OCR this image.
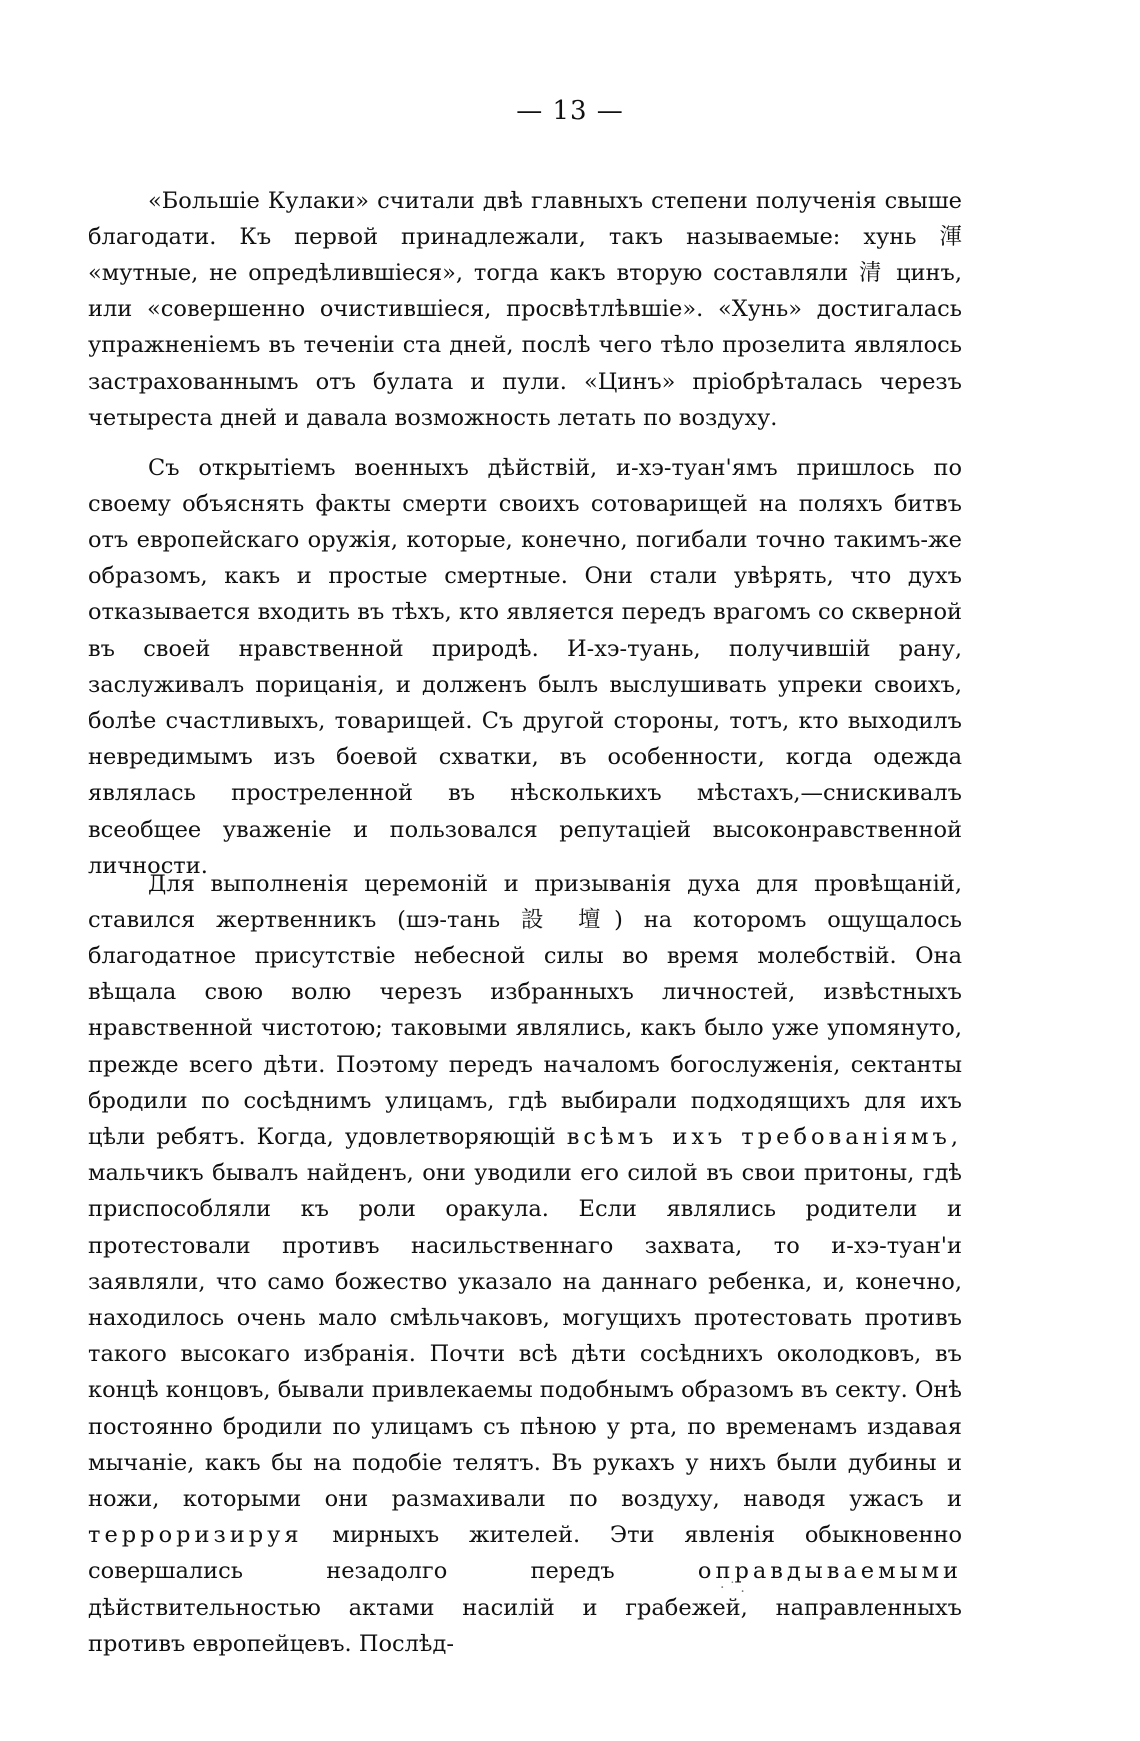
— 13 —

«Большіе Кулаки» считали двѣ главныхъ степени полученія свыше благодати. Къ первой принадлежали, такъ называемые: хунь 渾 «мутные, не опредѣлившіеся», тогда какъ вторую составляли 清 цинъ, или «совершенно очистившіеся, просвѣтлѣвшіе». «Хунь» достигалась упражненіемъ въ теченіи ста дней, послѣ чего тѣло прозелита являлось застрахованнымъ отъ булата и пули. «Цинъ» пріобрѣталась черезъ четыреста дней и давала возможность летать по воздуху.

Съ открытіемъ военныхъ дѣйствій, и-хэ-туан'ямъ пришлось по своему объяснять факты смерти своихъ сотоварищей на поляхъ битвъ отъ европейскаго оружія, которые, конечно, погибали точно такимъ-же образомъ, какъ и простые смертные. Они стали увѣрять, что духъ отказывается входить въ тѣхъ, кто является передъ врагомъ со скверной въ своей нравственной природѣ. И-хэ-туань, получившій рану, заслуживалъ порицанія, и долженъ былъ выслушивать упреки своихъ, болѣе счастливыхъ, товарищей. Съ другой стороны, тотъ, кто выходилъ невредимымъ изъ боевой схватки, въ особенности, когда одежда являлась простреленной въ нѣсколькихъ мѣстахъ,—снискивалъ всеобщее уваженіе и пользовался репутаціей высоконравственной личности.

Для выполненія церемоній и призыванія духа для провѣщаній, ставился жертвенникъ (шэ-тань 設 壇) на которомъ ощущалось благодатное присутствіе небесной силы во время молебствій. Она вѣщала свою волю черезъ избранныхъ личностей, извѣстныхъ нравственной чистотою; таковыми являлись, какъ было уже упомянуто, прежде всего дѣти. Поэтому передъ началомъ богослуженія, сектанты бродили по сосѣднимъ улицамъ, гдѣ выбирали подходящихъ для ихъ цѣли ребятъ. Когда, удовлетворяющій всѣмъ ихъ требованіямъ, мальчикъ бывалъ найденъ, они уводили его силой въ свои притоны, гдѣ приспособляли къ роли оракула. Если являлись родители и протестовали противъ насильственнаго захвата, то и-хэ-туан'и заявляли, что само божество указало на даннаго ребенка, и, конечно, находилось очень мало смѣльчаковъ, могущихъ протестовать противъ такого высокаго избранія. Почти всѣ дѣти сосѣднихъ околодковъ, въ концѣ концовъ, бывали привлекаемы подобнымъ образомъ въ секту. Онѣ постоянно бродили по улицамъ съ пѣною у рта, по временамъ издавая мычаніе, какъ бы на подобіе телятъ. Въ рукахъ у нихъ были дубины и ножи, которыми они размахивали по воздуху, наводя ужасъ и терроризируя мирныхъ жителей. Эти явленія обыкновенно совершались незадолго передъ оправдываемыми дѣйствительностью актами насилій и грабежей, направленныхъ противъ европейцевъ. Послѣд-

· ˙ .
